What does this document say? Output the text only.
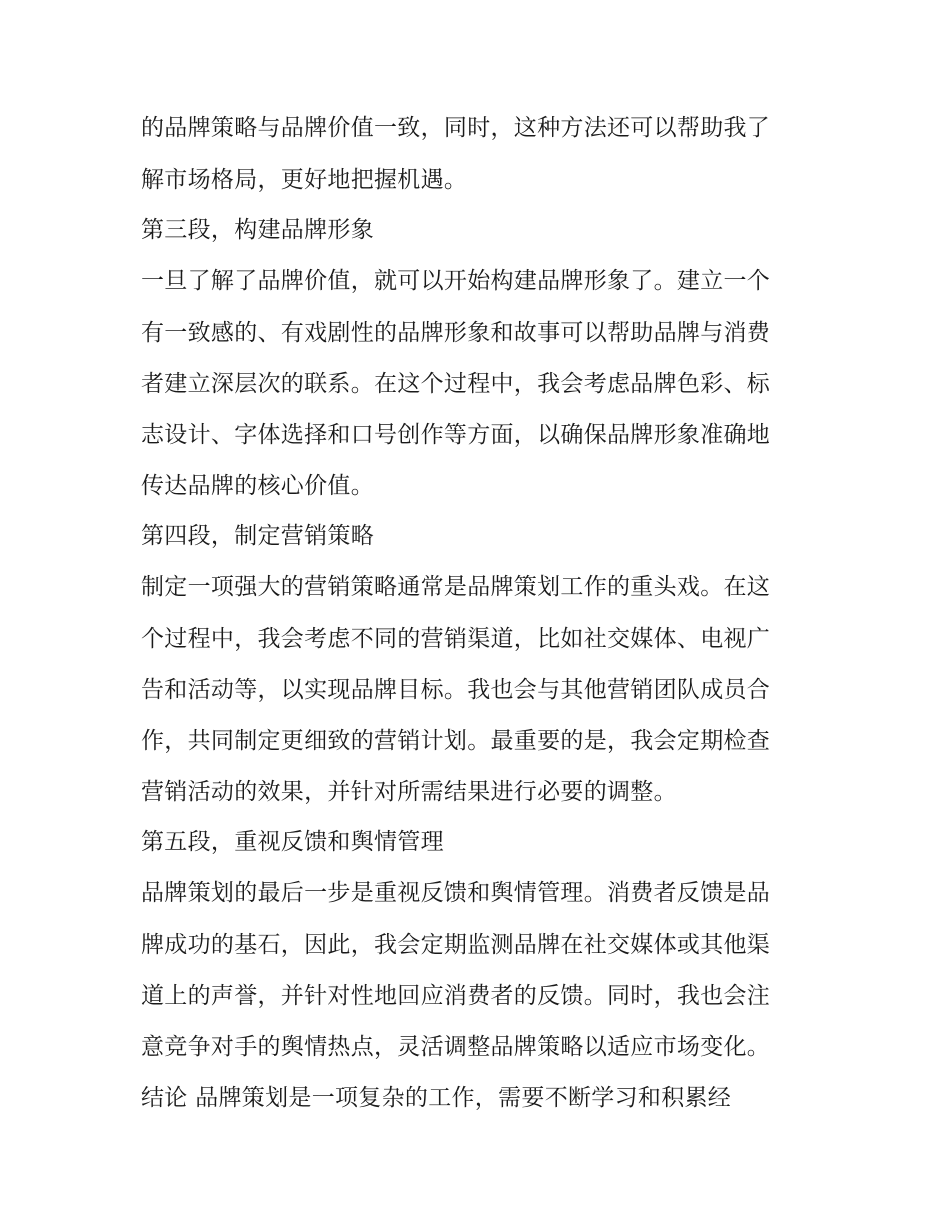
的品牌策略与品牌价值一致，同时，这种方法还可以帮助我了
解市场格局，更好地把握机遇。
第三段，构建品牌形象
一旦了解了品牌价值，就可以开始构建品牌形象了。建立一个
有一致感的、有戏剧性的品牌形象和故事可以帮助品牌与消费
者建立深层次的联系。在这个过程中，我会考虑品牌色彩、标
志设计、字体选择和口号创作等方面，以确保品牌形象准确地
传达品牌的核心价值。
第四段，制定营销策略
制定一项强大的营销策略通常是品牌策划工作的重头戏。在这
个过程中，我会考虑不同的营销渠道，比如社交媒体、电视广
告和活动等，以实现品牌目标。我也会与其他营销团队成员合
作，共同制定更细致的营销计划。最重要的是，我会定期检查
营销活动的效果，并针对所需结果进行必要的调整。
第五段，重视反馈和舆情管理
品牌策划的最后一步是重视反馈和舆情管理。消费者反馈是品
牌成功的基石，因此，我会定期监测品牌在社交媒体或其他渠
道上的声誉，并针对性地回应消费者的反馈。同时，我也会注
意竞争对手的舆情热点，灵活调整品牌策略以适应市场变化。
结论 品牌策划是一项复杂的工作，需要不断学习和积累经
